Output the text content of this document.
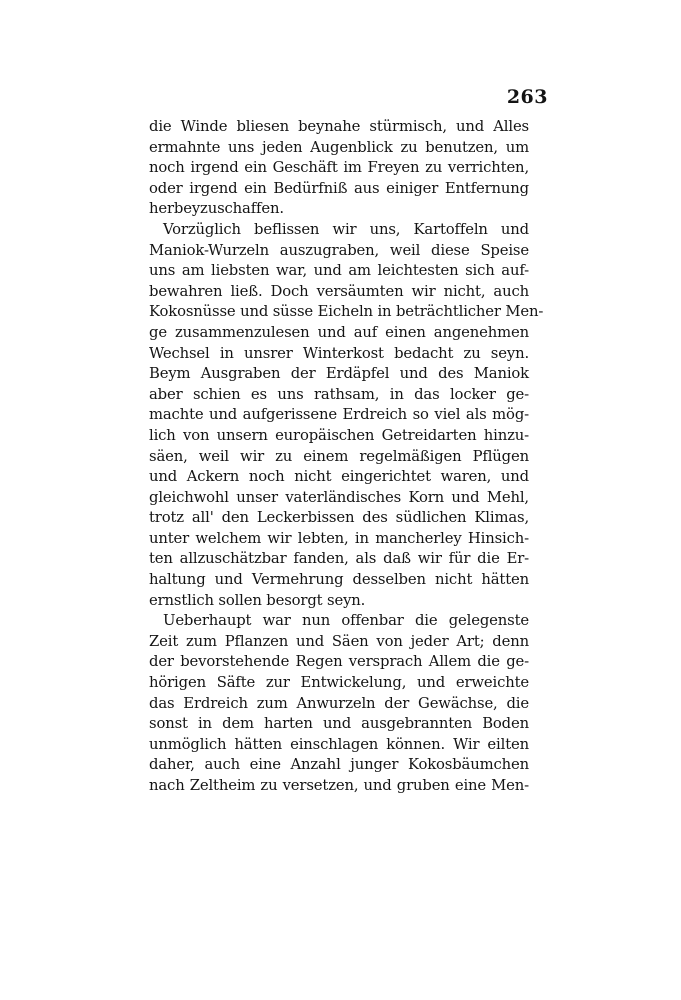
263
die Winde bliesen beynahe stürmisch, und Alles
ermahnte uns jeden Augenblick zu benutzen, um
noch irgend ein Geschäft im Freyen zu verrichten,
oder irgend ein Bedürfniß aus einiger Entfernung
herbeyzuschaffen.
Vorzüglich beflissen wir uns, Kartoffeln und
Maniok-Wurzeln auszugraben, weil diese Speise
uns am liebsten war, und am leichtesten sich auf-
bewahren ließ. Doch versäumten wir nicht, auch
Kokosnüsse und süsse Eicheln in beträchtlicher Men-
ge zusammenzulesen und auf einen angenehmen
Wechsel in unsrer Winterkost bedacht zu seyn.
Beym Ausgraben der Erdäpfel und des Maniok
aber schien es uns rathsam, in das locker ge-
machte und aufgerissene Erdreich so viel als mög-
lich von unsern europäischen Getreidarten hinzu-
säen, weil wir zu einem regelmäßigen Pflügen
und Ackern noch nicht eingerichtet waren, und
gleichwohl unser vaterländisches Korn und Mehl,
trotz all' den Leckerbissen des südlichen Klimas,
unter welchem wir lebten, in mancherley Hinsich-
ten allzuschätzbar fanden, als daß wir für die Er-
haltung und Vermehrung desselben nicht hätten
ernstlich sollen besorgt seyn.
Ueberhaupt war nun offenbar die gelegenste
Zeit zum Pflanzen und Säen von jeder Art; denn
der bevorstehende Regen versprach Allem die ge-
hörigen Säfte zur Entwickelung, und erweichte
das Erdreich zum Anwurzeln der Gewächse, die
sonst in dem harten und ausgebrannten Boden
unmöglich hätten einschlagen können. Wir eilten
daher, auch eine Anzahl junger Kokosbäumchen
nach Zeltheim zu versetzen, und gruben eine Men-
